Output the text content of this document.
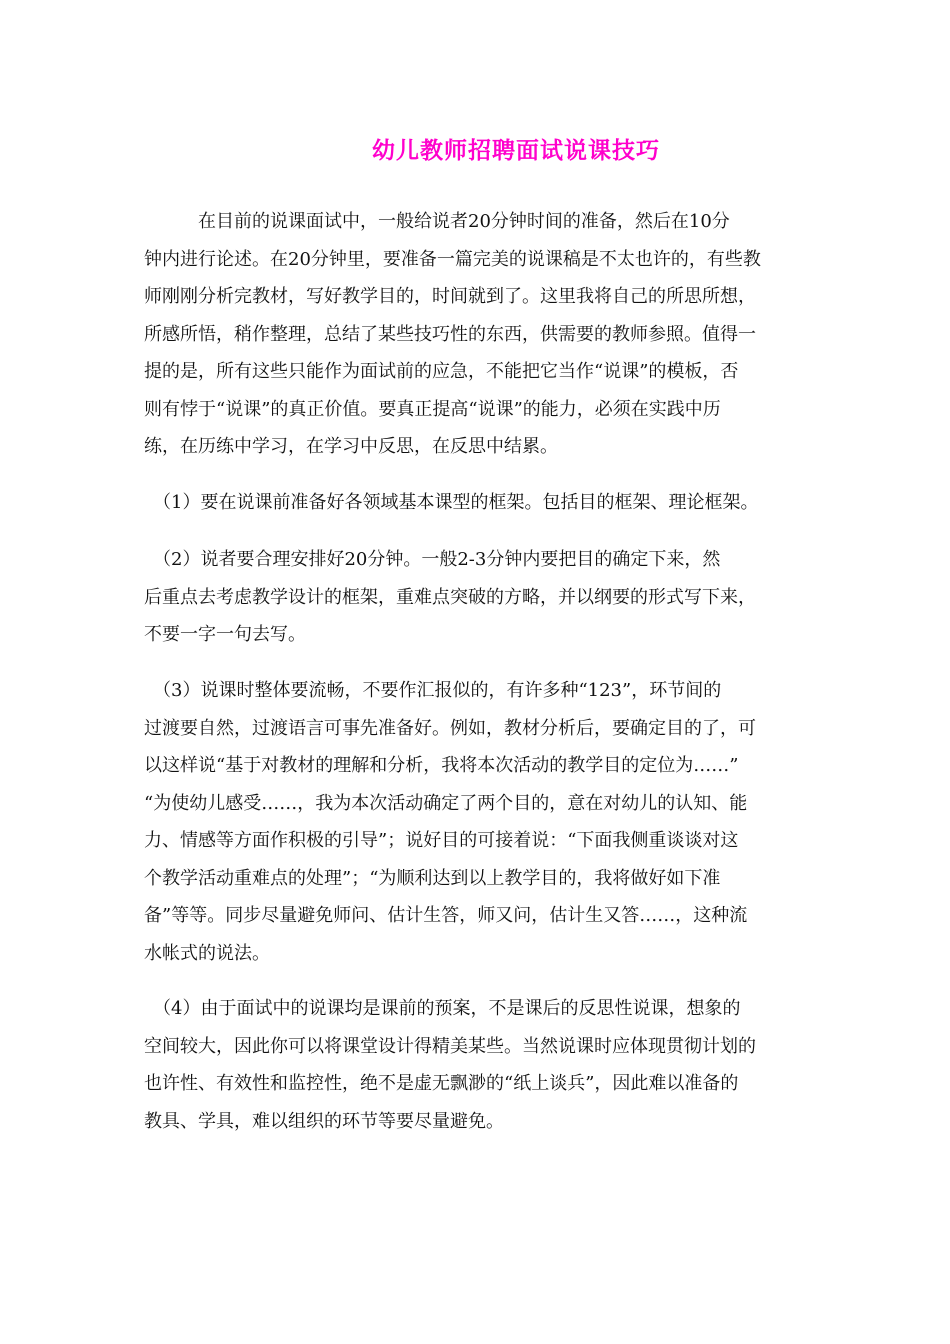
幼儿教师招聘面试说课技巧
　　　在目前的说课面试中，一般给说者20分钟时间的准备，然后在10分
钟内进行论述。在20分钟里，要准备一篇完美的说课稿是不太也许的，有些教
师刚刚分析完教材，写好教学目的，时间就到了。这里我将自己的所思所想，
所感所悟，稍作整理，总结了某些技巧性的东西，供需要的教师参照。值得一
提的是，所有这些只能作为面试前的应急，不能把它当作“说课”的模板，否
则有悖于“说课”的真正价值。要真正提高“说课”的能力，必须在实践中历
练，在历练中学习，在学习中反思，在反思中结累。
　（1）要在说课前准备好各领域基本课型的框架。包括目的框架、理论框架。
　（2）说者要合理安排好20分钟。一般2-3分钟内要把目的确定下来，然
后重点去考虑教学设计的框架，重难点突破的方略，并以纲要的形式写下来，
不要一字一句去写。
　（3）说课时整体要流畅，不要作汇报似的，有许多种“123”，环节间的
过渡要自然，过渡语言可事先准备好。例如，教材分析后，要确定目的了，可
以这样说“基于对教材的理解和分析，我将本次活动的教学目的定位为……”
“为使幼儿感受……，我为本次活动确定了两个目的，意在对幼儿的认知、能
力、情感等方面作积极的引导”；说好目的可接着说：“下面我侧重谈谈对这
个教学活动重难点的处理”；“为顺利达到以上教学目的，我将做好如下准
备”等等。同步尽量避免师问、估计生答，师又问，估计生又答……，这种流
水帐式的说法。
　（4）由于面试中的说课均是课前的预案，不是课后的反思性说课，想象的
空间较大，因此你可以将课堂设计得精美某些。当然说课时应体现贯彻计划的
也许性、有效性和监控性，绝不是虚无飘渺的“纸上谈兵”，因此难以准备的
教具、学具，难以组织的环节等要尽量避免。
